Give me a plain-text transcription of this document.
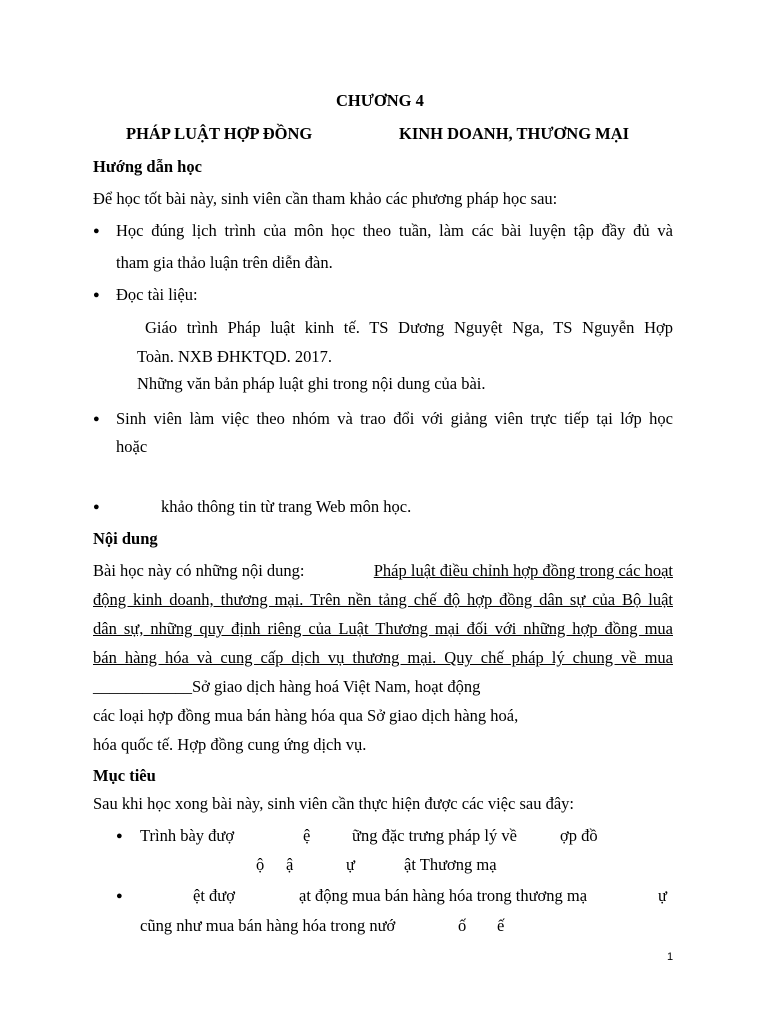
CHƯƠNG 4
PHÁP LUẬT HỢP ĐỒNG	KINH DOANH, THƯƠNG MẠI
Hướng dẫn học
Để học tốt bài này, sinh viên cần tham khảo các phương pháp học sau:
● Học đúng lịch trình của môn học theo tuần, làm các bài luyện tập đầy đủ và
tham gia thảo luận trên diễn đàn.
● Đọc tài liệu:
Giáo trình Pháp luật kinh tế. TS Dương Nguyệt Nga, TS Nguyễn Hợp
Toàn. NXB ĐHKTQD. 2017.
Những văn bản pháp luật ghi trong nội dung của bài.
● Sinh viên làm việc theo nhóm và trao đổi với giảng viên trực tiếp tại lớp học
hoặc
●	khảo thông tin từ trang Web môn học.
Nội dung
Bài học này có những nội dung:	Pháp luật điều chỉnh hợp đồng trong các hoạt
động kinh doanh, thương mại. Trên nền tảng chế độ hợp đồng dân sự của Bộ luật
dân sự, những quy định riêng của Luật Thương mại đối với những hợp đồng mua
bán hàng hóa và cung cấp dịch vụ thương mại. Quy chế pháp lý chung về mua
____________Sở giao dịch hàng hoá Việt Nam, hoạt động
các loại hợp đồng mua bán hàng hóa qua Sở giao dịch hàng hoá,
hóa quốc tế. Hợp đồng cung ứng dịch vụ.
Mục tiêu
Sau khi học xong bài này, sinh viên cần thực hiện được các việc sau đây:
● Trình bày đượ	ệ	ững đặc trưng pháp lý về	ợp đồ
ộ ậ	ự	ật Thương mạ
●	ệt đượ	ạt động mua bán hàng hóa trong thương mạ	ự
cũng như mua bán hàng hóa trong nướ	ố ế
1
